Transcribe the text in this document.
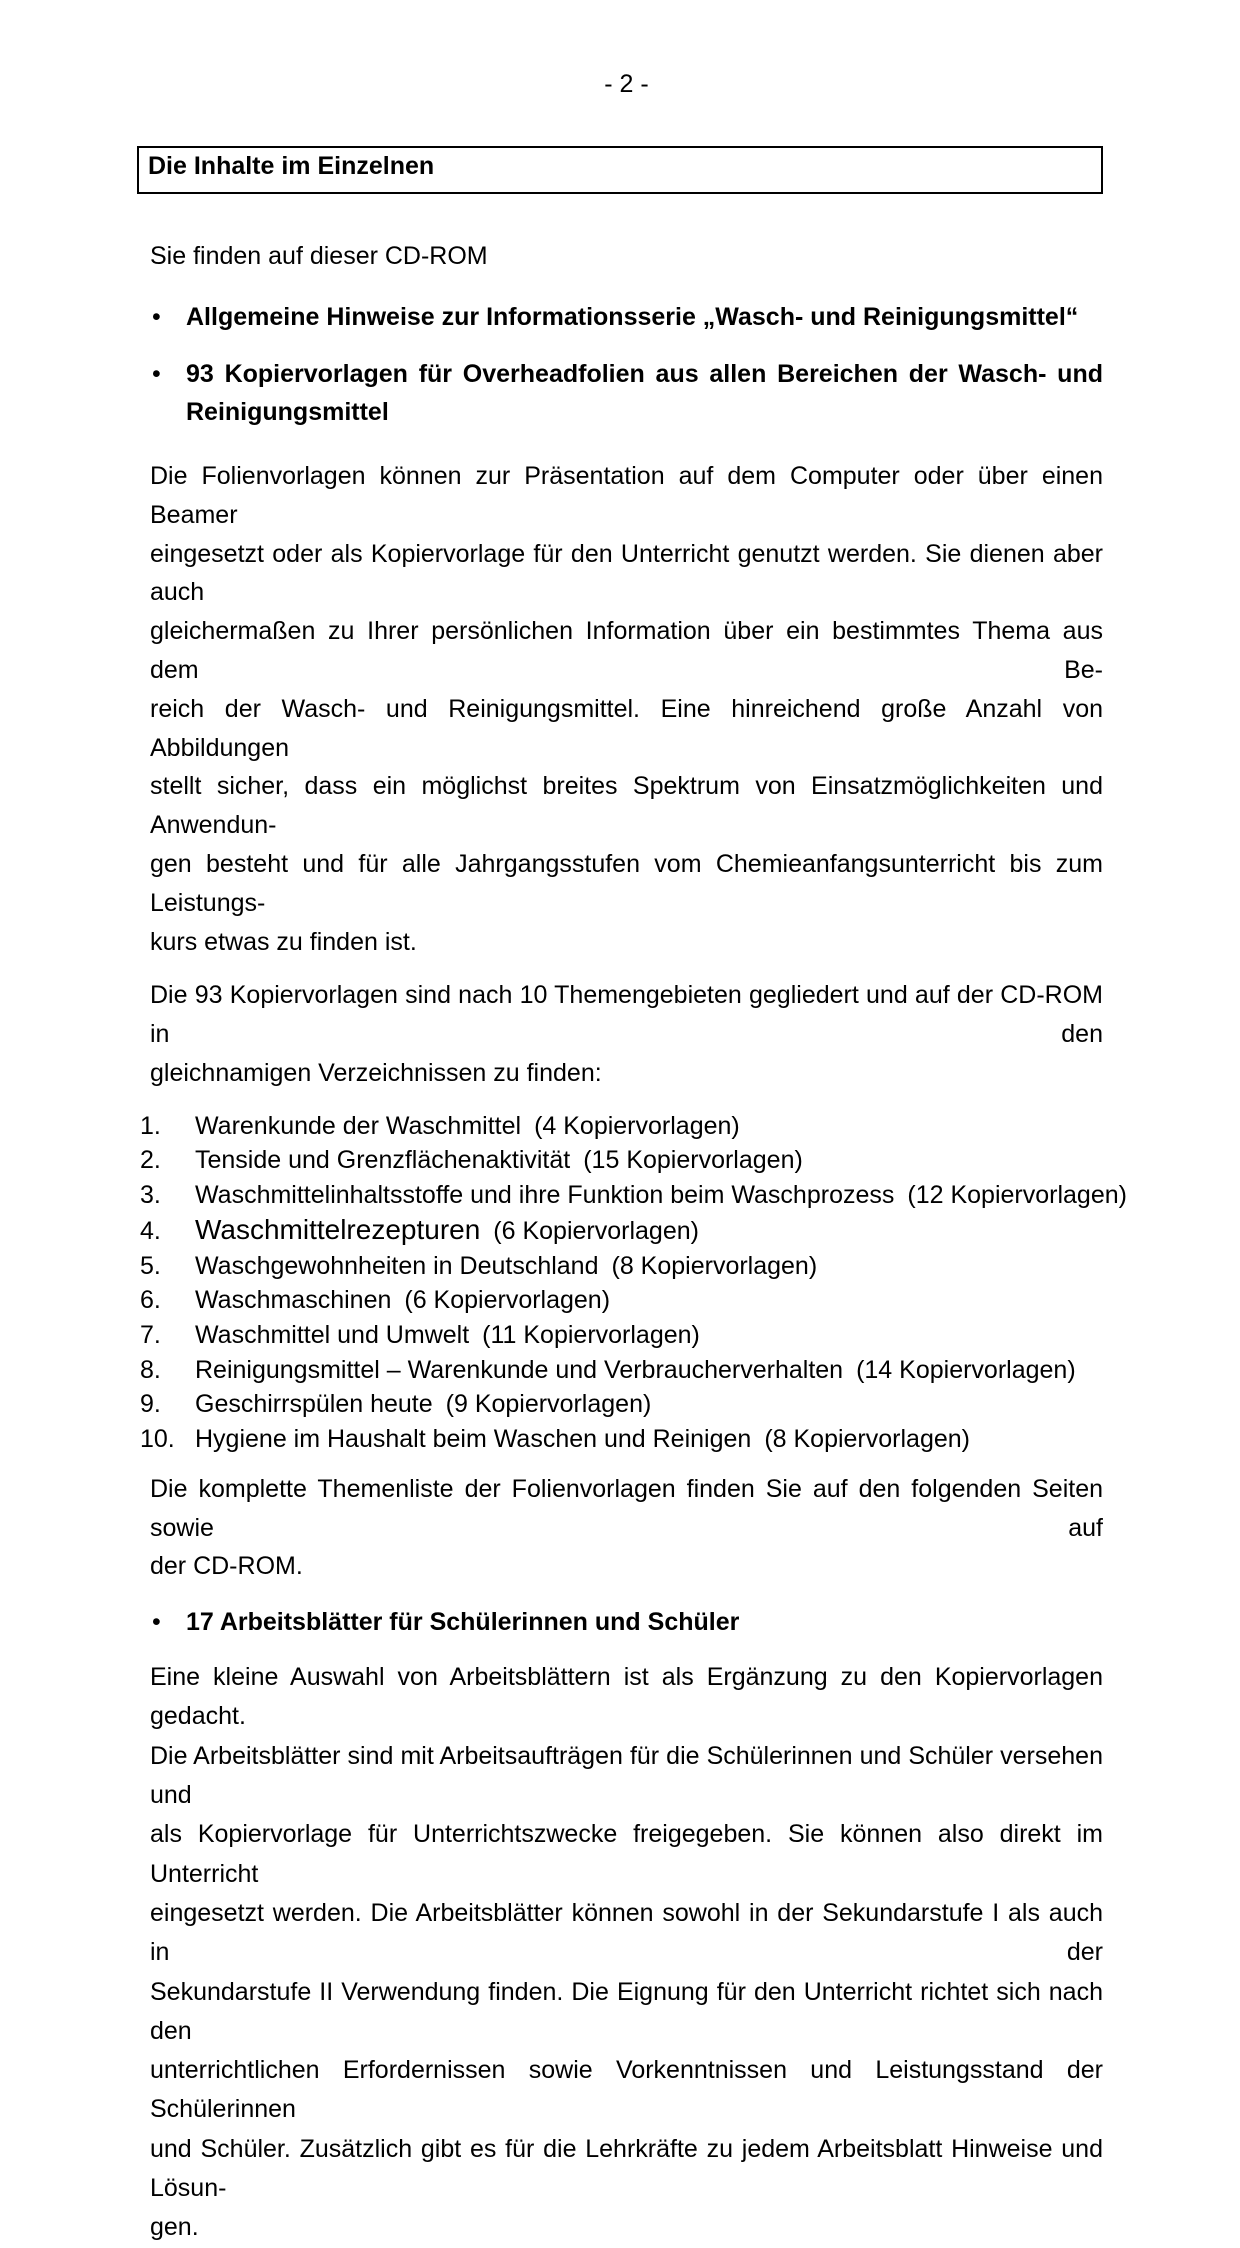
- 2 -
Die Inhalte im Einzelnen
Sie finden auf dieser CD-ROM
•	Allgemeine Hinweise zur Informationsserie „Wasch- und Reinigungsmittel“
•	93 Kopiervorlagen für Overheadfolien aus allen Bereichen der Wasch- und
Reinigungsmittel
Die Folienvorlagen können zur Präsentation auf dem Computer oder über einen Beamer
eingesetzt oder als Kopiervorlage für den Unterricht genutzt werden. Sie dienen aber auch
gleichermaßen zu Ihrer persönlichen Information über ein bestimmtes Thema aus dem Be-
reich der Wasch- und Reinigungsmittel. Eine hinreichend große Anzahl von Abbildungen
stellt sicher, dass ein möglichst breites Spektrum von Einsatzmöglichkeiten und Anwendun-
gen besteht und für alle Jahrgangsstufen vom Chemieanfangsunterricht bis zum Leistungs-
kurs etwas zu finden ist.
Die 93 Kopiervorlagen sind nach 10 Themengebieten gegliedert und auf der CD-ROM in den
gleichnamigen Verzeichnissen zu finden:
1. Warenkunde der Waschmittel (4 Kopiervorlagen)
2. Tenside und Grenzflächenaktivität (15 Kopiervorlagen)
3. Waschmittelinhaltsstoffe und ihre Funktion beim Waschprozess (12 Kopiervorlagen)
4. Waschmittelrezepturen (6 Kopiervorlagen)
5. Waschgewohnheiten in Deutschland (8 Kopiervorlagen)
6. Waschmaschinen (6 Kopiervorlagen)
7. Waschmittel und Umwelt (11 Kopiervorlagen)
8. Reinigungsmittel – Warenkunde und Verbraucherverhalten (14 Kopiervorlagen)
9. Geschirrspülen heute (9 Kopiervorlagen)
10. Hygiene im Haushalt beim Waschen und Reinigen (8 Kopiervorlagen)
Die komplette Themenliste der Folienvorlagen finden Sie auf den folgenden Seiten sowie auf
der CD-ROM.
•	17 Arbeitsblätter für Schülerinnen und Schüler
Eine kleine Auswahl von Arbeitsblättern ist als Ergänzung zu den Kopiervorlagen gedacht.
Die Arbeitsblätter sind mit Arbeitsaufträgen für die Schülerinnen und Schüler versehen und
als Kopiervorlage für Unterrichtszwecke freigegeben. Sie können also direkt im Unterricht
eingesetzt werden. Die Arbeitsblätter können sowohl in der Sekundarstufe I als auch in der
Sekundarstufe II Verwendung finden. Die Eignung für den Unterricht richtet sich nach den
unterrichtlichen Erfordernissen sowie Vorkenntnissen und Leistungsstand der Schülerinnen
und Schüler. Zusätzlich gibt es für die Lehrkräfte zu jedem Arbeitsblatt Hinweise und Lösun-
gen.
